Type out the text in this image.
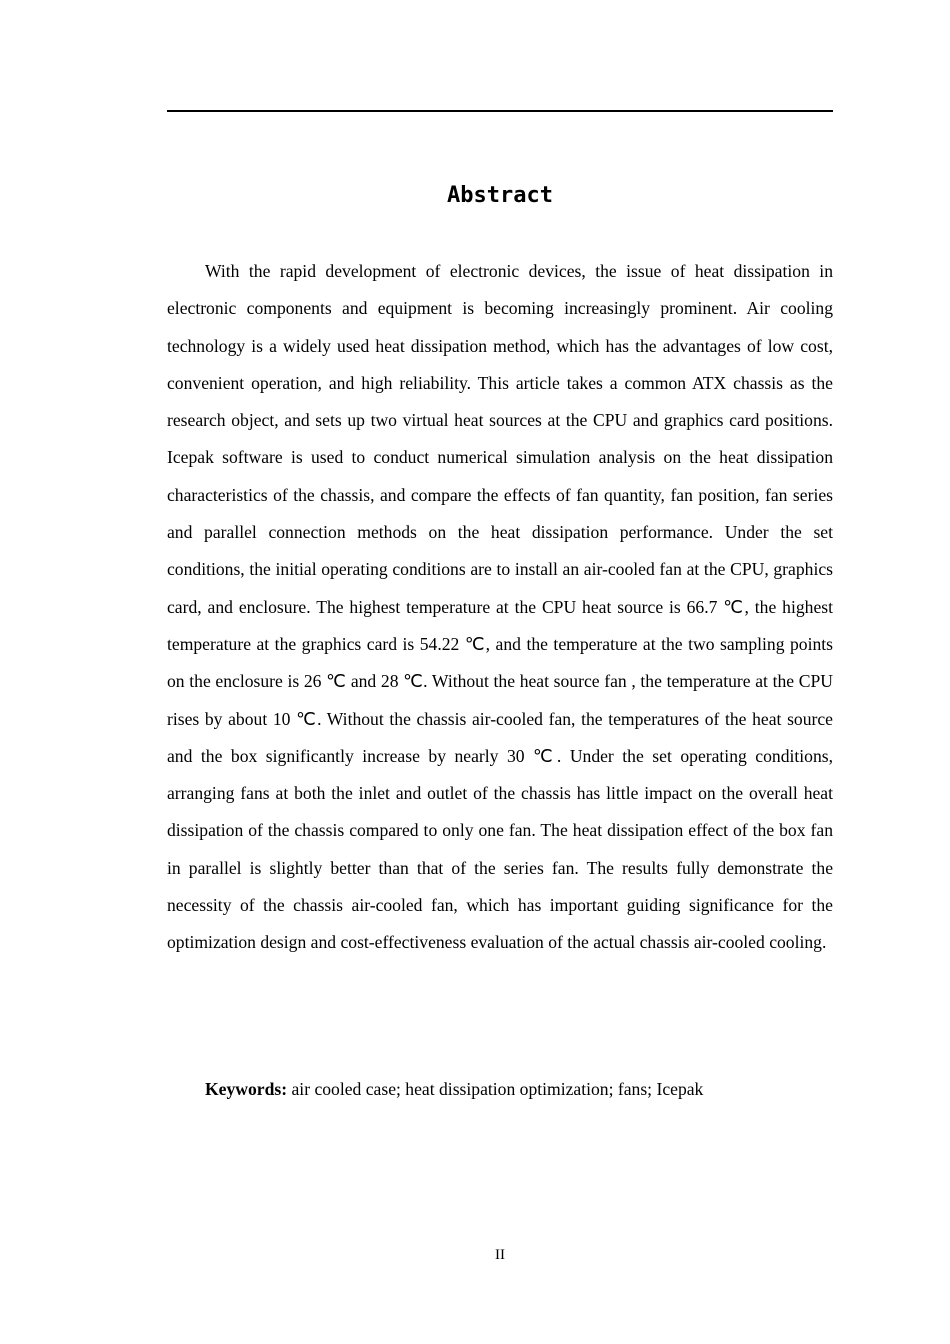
Abstract

With the rapid development of electronic devices, the issue of heat dissipation in electronic components and equipment is becoming increasingly prominent. Air cooling technology is a widely used heat dissipation method, which has the advantages of low cost, convenient operation, and high reliability. This article takes a common ATX chassis as the research object, and sets up two virtual heat sources at the CPU and graphics card positions. Icepak software is used to conduct numerical simulation analysis on the heat dissipation characteristics of the chassis, and compare the effects of fan quantity, fan position, fan series and parallel connection methods on the heat dissipation performance. Under the set conditions, the initial operating conditions are to install an air-cooled fan at the CPU, graphics card, and enclosure. The highest temperature at the CPU heat source is 66.7 ℃, the highest temperature at the graphics card is 54.22 ℃, and the temperature at the two sampling points on the enclosure is 26 ℃ and 28 ℃. Without the heat source fan , the temperature at the CPU rises by about 10 ℃. Without the chassis air-cooled fan, the temperatures of the heat source and the box significantly increase by nearly 30 ℃. Under the set operating conditions, arranging fans at both the inlet and outlet of the chassis has little impact on the overall heat dissipation of the chassis compared to only one fan. The heat dissipation effect of the box fan in parallel is slightly better than that of the series fan. The results fully demonstrate the necessity of the chassis air-cooled fan, which has important guiding significance for the optimization design and cost-effectiveness evaluation of the actual chassis air-cooled cooling.

Keywords: air cooled case; heat dissipation optimization; fans; Icepak

II
